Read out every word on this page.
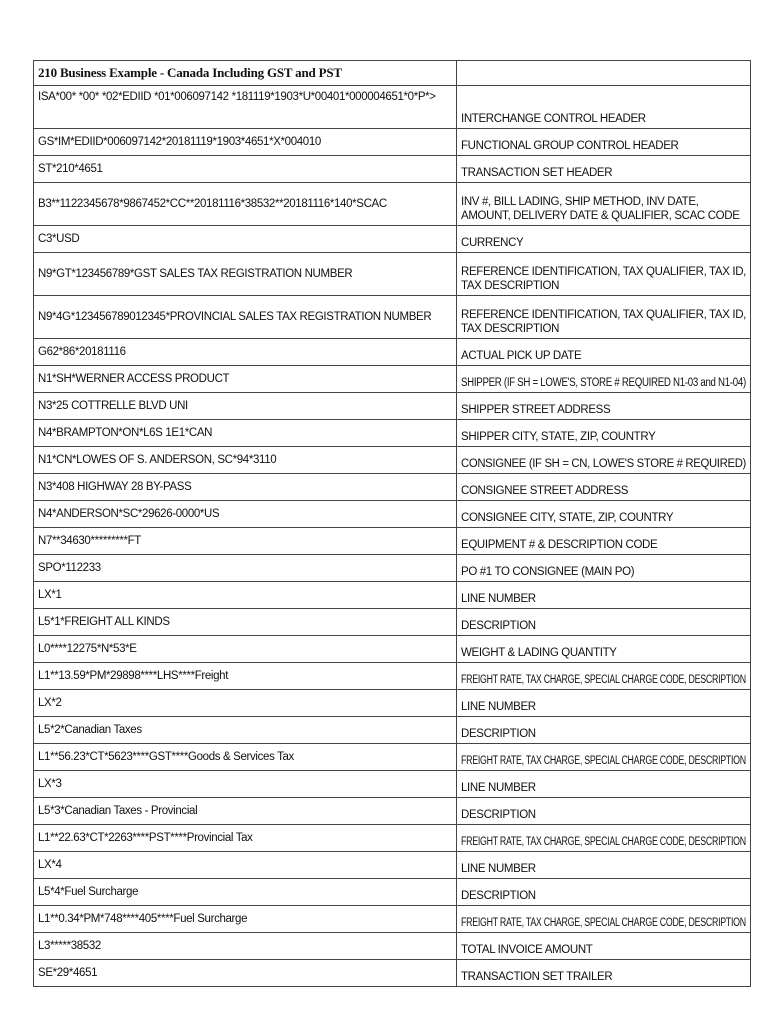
210 Business Example - Canada Including GST and PST	
ISA*00* *00* *02*EDIID *01*006097142 *181119*1903*U*00401*000004651*0*P*>	INTERCHANGE CONTROL HEADER
GS*IM*EDIID*006097142*20181119*1903*4651*X*004010	FUNCTIONAL GROUP CONTROL HEADER
ST*210*4651	TRANSACTION SET HEADER
B3**1122345678*9867452*CC**20181116*38532**20181116*140*SCAC	INV #, BILL LADING, SHIP METHOD, INV DATE, AMOUNT, DELIVERY DATE & QUALIFIER, SCAC CODE
C3*USD	CURRENCY
N9*GT*123456789*GST SALES TAX REGISTRATION NUMBER	REFERENCE IDENTIFICATION, TAX QUALIFIER, TAX ID, TAX DESCRIPTION
N9*4G*123456789012345*PROVINCIAL SALES TAX REGISTRATION NUMBER	REFERENCE IDENTIFICATION, TAX QUALIFIER, TAX ID, TAX DESCRIPTION
G62*86*20181116	ACTUAL PICK UP DATE
N1*SH*WERNER ACCESS PRODUCT	SHIPPER (IF SH = LOWE'S, STORE # REQUIRED N1-03 and N1-04)
N3*25 COTTRELLE BLVD UNI	SHIPPER STREET ADDRESS
N4*BRAMPTON*ON*L6S 1E1*CAN	SHIPPER CITY, STATE, ZIP, COUNTRY
N1*CN*LOWES OF S. ANDERSON, SC*94*3110	CONSIGNEE (IF SH = CN, LOWE'S STORE # REQUIRED)
N3*408 HIGHWAY 28 BY-PASS	CONSIGNEE STREET ADDRESS
N4*ANDERSON*SC*29626-0000*US	CONSIGNEE CITY, STATE, ZIP, COUNTRY
N7**34630*********FT	EQUIPMENT # & DESCRIPTION CODE
SPO*112233	PO #1 TO CONSIGNEE (MAIN PO)
LX*1	LINE NUMBER
L5*1*FREIGHT ALL KINDS	DESCRIPTION
L0****12275*N*53*E	WEIGHT & LADING QUANTITY
L1**13.59*PM*29898****LHS****Freight	FREIGHT RATE, TAX CHARGE, SPECIAL CHARGE CODE, DESCRIPTION
LX*2	LINE NUMBER
L5*2*Canadian Taxes	DESCRIPTION
L1**56.23*CT*5623****GST****Goods & Services Tax	FREIGHT RATE, TAX CHARGE, SPECIAL CHARGE CODE, DESCRIPTION
LX*3	LINE NUMBER
L5*3*Canadian Taxes - Provincial	DESCRIPTION
L1**22.63*CT*2263****PST****Provincial Tax	FREIGHT RATE, TAX CHARGE, SPECIAL CHARGE CODE, DESCRIPTION
LX*4	LINE NUMBER
L5*4*Fuel Surcharge	DESCRIPTION
L1**0.34*PM*748****405****Fuel Surcharge	FREIGHT RATE, TAX CHARGE, SPECIAL CHARGE CODE, DESCRIPTION
L3*****38532	TOTAL INVOICE AMOUNT
SE*29*4651	TRANSACTION SET TRAILER
